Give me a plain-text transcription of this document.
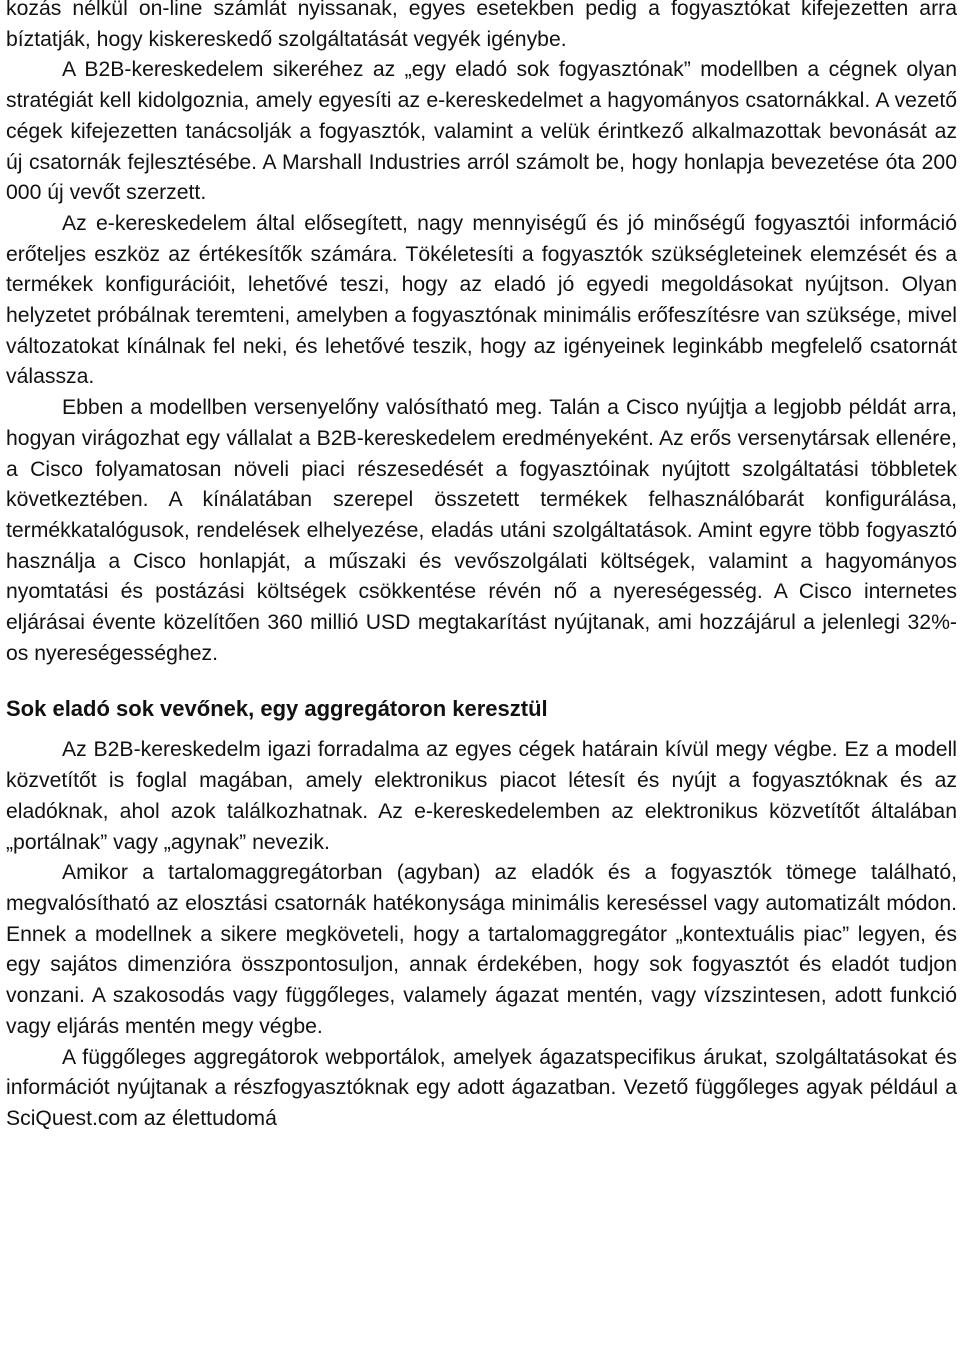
kozás nélkül on-line számlát nyissanak, egyes esetekben pedig a fogyasztókat kifejezetten arra bíztatják, hogy kiskereskedő szolgáltatását vegyék igénybe.

A B2B-kereskedelem sikeréhez az „egy eladó sok fogyasztónak” modellben a cégnek olyan stratégiát kell kidolgoznia, amely egyesíti az e-kereskedelmet a hagyományos csatornákkal. A vezető cégek kifejezetten tanácsolják a fogyasztók, valamint a velük érintkező alkalmazottak bevonását az új csatornák fejlesztésébe. A Marshall Industries arról számolt be, hogy honlapja bevezetése óta 200 000 új vevőt szerzett.

Az e-kereskedelem által elősegített, nagy mennyiségű és jó minőségű fogyasztói információ erőteljes eszköz az értékesítők számára. Tökéletesíti a fogyasztók szükségleteinek elemzését és a termékek konfigurációit, lehetővé teszi, hogy az eladó jó egyedi megoldásokat nyújtson. Olyan helyzetet próbálnak teremteni, amelyben a fogyasztónak minimális erőfeszítésre van szüksége, mivel változatokat kínálnak fel neki, és lehetővé teszik, hogy az igényeinek leginkább megfelelő csatornát válassza.

Ebben a modellben versenyelőny valósítható meg. Talán a Cisco nyújtja a legjobb példát arra, hogyan virágozhat egy vállalat a B2B-kereskedelem eredményeként. Az erős versenytársak ellenére, a Cisco folyamatosan növeli piaci részesedését a fogyasztóinak nyújtott szolgáltatási többletek következtében. A kínálatában szerepel összetett termékek felhasználóbarát konfigurálása, termékkatalógusok, rendelések elhelyezése, eladás utáni szolgáltatások. Amint egyre több fogyasztó használja a Cisco honlapját, a műszaki és vevőszolgálati költségek, valamint a hagyományos nyomtatási és postázási költségek csökkentése révén nő a nyereségesség. A Cisco internetes eljárásai évente közelítően 360 millió USD megtakarítást nyújtanak, ami hozzájárul a jelenlegi 32%-os nyereségességhez.

Sok eladó sok vevőnek, egy aggregátoron keresztül

Az B2B-kereskedelm igazi forradalma az egyes cégek határain kívül megy végbe. Ez a modell közvetítőt is foglal magában, amely elektronikus piacot létesít és nyújt a fogyasztóknak és az eladóknak, ahol azok találkozhatnak. Az e-kereskedelemben az elektronikus közvetítőt általában „portálnak” vagy „agynak” nevezik.

Amikor a tartalomaggregátorban (agyban) az eladók és a fogyasztók tömege található, megvalósítható az elosztási csatornák hatékonysága minimális kereséssel vagy automatizált módon. Ennek a modellnek a sikere megköveteli, hogy a tartalomaggregátor „kontextuális piac” legyen, és egy sajátos dimenzióra összpontosuljon, annak érdekében, hogy sok fogyasztót és eladót tudjon vonzani. A szakosodás vagy függőleges, valamely ágazat mentén, vagy vízszintesen, adott funkció vagy eljárás mentén megy végbe.

A függőleges aggregátorok webportálok, amelyek ágazatspecifikus árukat, szolgáltatásokat és információt nyújtanak a részfogyasztóknak egy adott ágazatban. Vezető függőleges agyak például a SciQuest.com az élettudomá
